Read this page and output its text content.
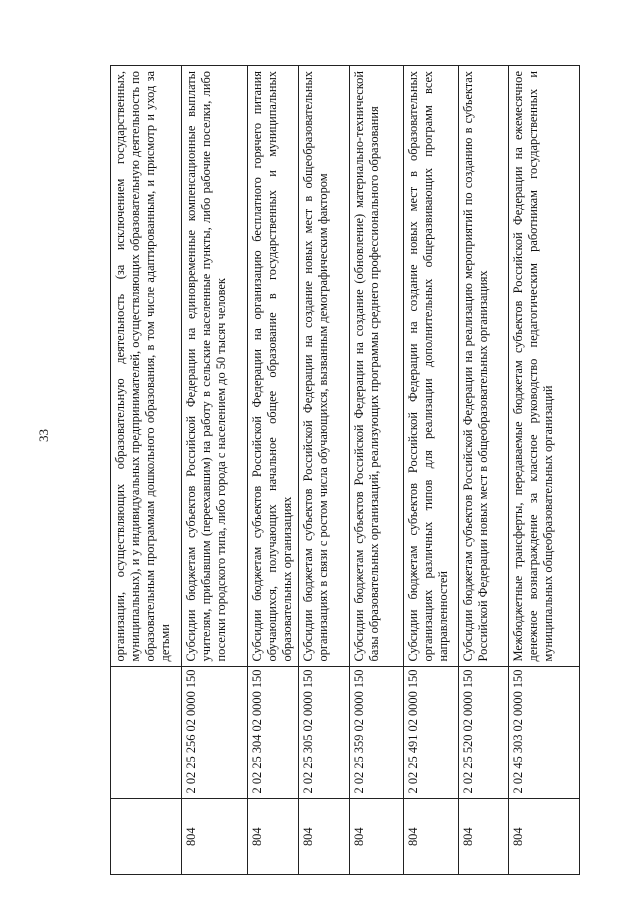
33
			организации, осуществляющих образовательную деятельность (за исключением государственных, муниципальных), и у индивидуальных предпринимателей, осуществляющих образовательную деятельность по образовательным программам дошкольного образования, в том числе адаптированным, и присмотр и уход за детьми
804	2 02 25 256 02 0000 150	Субсидии бюджетам субъектов Российской Федерации на единовременные компенсационные выплаты учителям, прибывшим (переехавшим) на работу в сельские населенные пункты, либо рабочие поселки, либо поселки городского типа, либо города с населением до 50 тысяч человек
804	2 02 25 304 02 0000 150	Субсидии бюджетам субъектов Российской Федерации на организацию бесплатного горячего питания обучающихся, получающих начальное общее образование в государственных и муниципальных образовательных организациях
804	2 02 25 305 02 0000 150	Субсидии бюджетам субъектов Российской Федерации на создание новых мест в общеобразовательных организациях в связи с ростом числа обучающихся, вызванным демографическим фактором
804	2 02 25 359 02 0000 150	Субсидии бюджетам субъектов Российской Федерации на создание (обновление) материально-технической базы образовательных организаций, реализующих программы среднего профессионального образования
804	2 02 25 491 02 0000 150	Субсидии бюджетам субъектов Российской Федерации на создание новых мест в образовательных организациях различных типов для реализации дополнительных общеразвивающих программ всех направленностей
804	2 02 25 520 02 0000 150	Субсидии бюджетам субъектов Российской Федерации на реализацию мероприятий по созданию в субъектах Российской Федерации новых мест в общеобразовательных организациях
804	2 02 45 303 02 0000 150	Межбюджетные трансферты, передаваемые бюджетам субъектов Российской Федерации на ежемесячное денежное вознаграждение за классное руководство педагогическим работникам государственных и муниципальных общеобразовательных организаций
